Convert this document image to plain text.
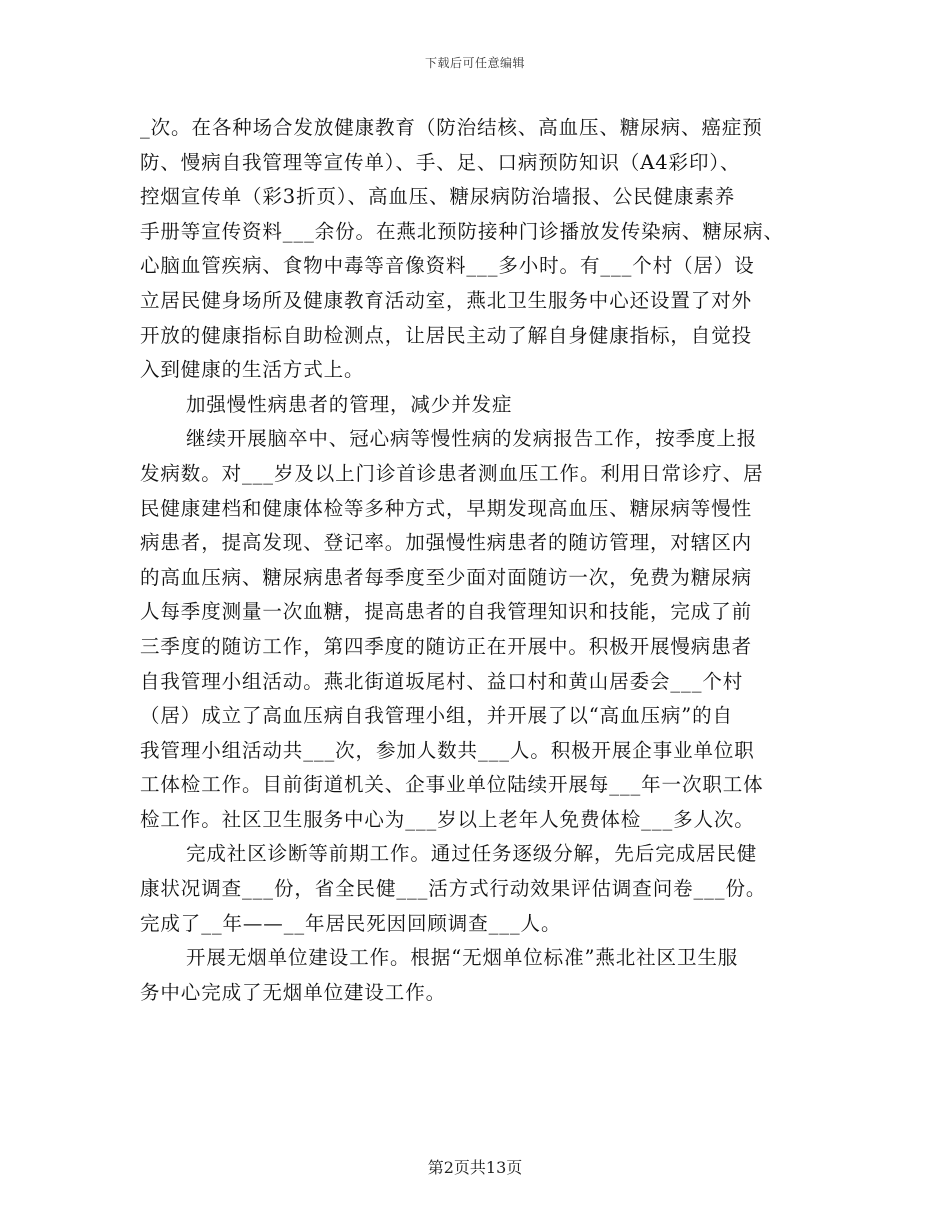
下载后可任意编辑
_次。在各种场合发放健康教育（防治结核、高血压、糖尿病、癌症预
防、慢病自我管理等宣传单）、手、足、口病预防知识（A4彩印）、
控烟宣传单（彩3折页）、高血压、糖尿病防治墙报、公民健康素养
手册等宣传资料___余份。在燕北预防接种门诊播放发传染病、糖尿病、
心脑血管疾病、食物中毒等音像资料___多小时。有___个村（居）设
立居民健身场所及健康教育活动室，燕北卫生服务中心还设置了对外
开放的健康指标自助检测点，让居民主动了解自身健康指标，自觉投
入到健康的生活方式上。
加强慢性病患者的管理，减少并发症
继续开展脑卒中、冠心病等慢性病的发病报告工作，按季度上报
发病数。对___岁及以上门诊首诊患者测血压工作。利用日常诊疗、居
民健康建档和健康体检等多种方式，早期发现高血压、糖尿病等慢性
病患者，提高发现、登记率。加强慢性病患者的随访管理，对辖区内
的高血压病、糖尿病患者每季度至少面对面随访一次，免费为糖尿病
人每季度测量一次血糖，提高患者的自我管理知识和技能，完成了前
三季度的随访工作，第四季度的随访正在开展中。积极开展慢病患者
自我管理小组活动。燕北街道坂尾村、益口村和黄山居委会___个村
（居）成立了高血压病自我管理小组，并开展了以“高血压病”的自
我管理小组活动共___次，参加人数共___人。积极开展企事业单位职
工体检工作。目前街道机关、企事业单位陆续开展每___年一次职工体
检工作。社区卫生服务中心为___岁以上老年人免费体检___多人次。
完成社区诊断等前期工作。通过任务逐级分解，先后完成居民健
康状况调查___份，省全民健___活方式行动效果评估调查问卷___份。
完成了__年——__年居民死因回顾调查___人。
开展无烟单位建设工作。根据“无烟单位标准”燕北社区卫生服
务中心完成了无烟单位建设工作。
第2页共13页
